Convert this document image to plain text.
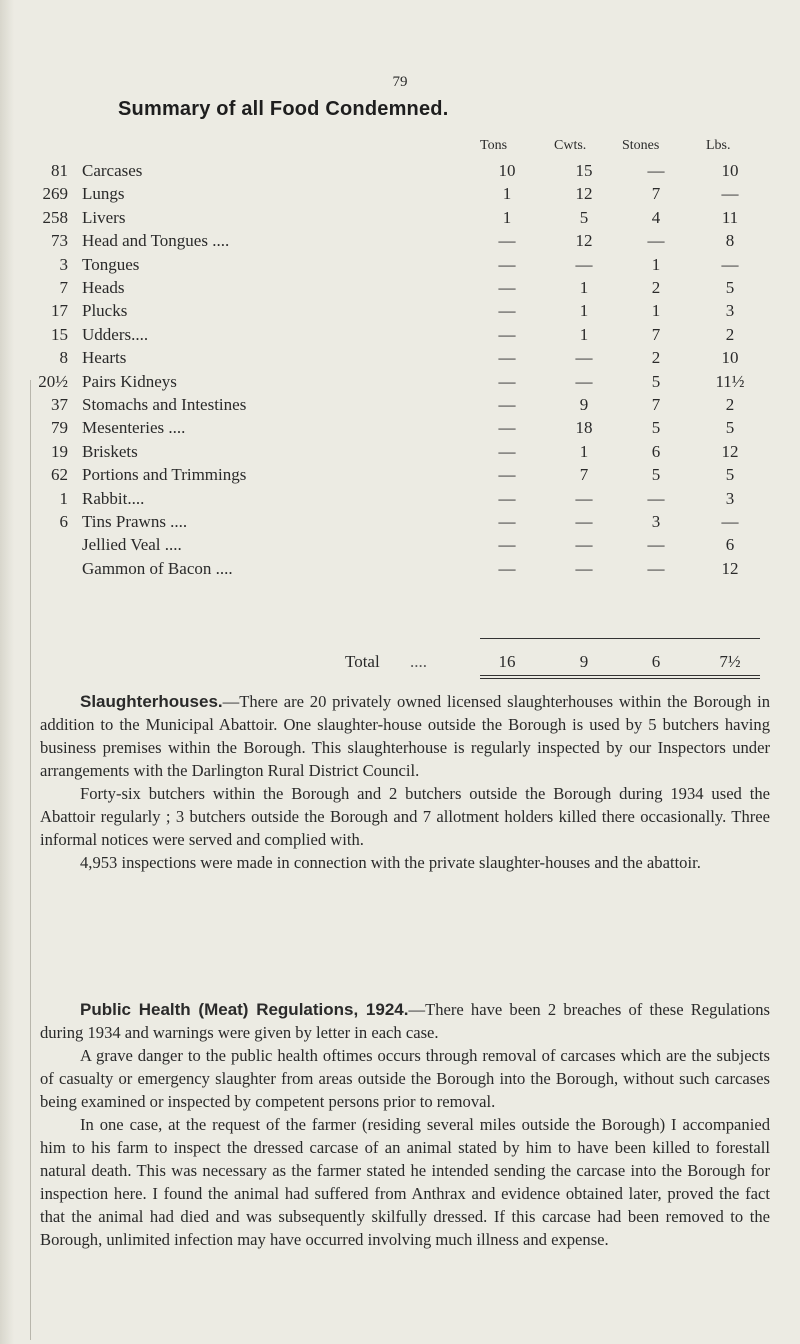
79
Summary of all Food Condemned.
Tons	Cwts.	Stones	Lbs.
81 Carcases	10	15	—	10
269 Lungs	1	12	7	—
258 Livers	1	5	4	11
73 Head and Tongues ....	—	12	—	8
3 Tongues	—	—	1	—
7 Heads	—	1	2	5
17 Plucks	—	1	1	3
15 Udders....	—	1	7	2
8 Hearts	—	—	2	10
20½ Pairs Kidneys	—	—	5	11½
37 Stomachs and Intestines	—	9	7	2
79 Mesenteries ....	—	18	5	5
19 Briskets	—	1	6	12
62 Portions and Trimmings	—	7	5	5
1 Rabbit....	—	—	—	3
6 Tins Prawns ....	—	—	3	—
Jellied Veal ....	—	—	—	6
Gammon of Bacon ....	—	—	—	12
Total ....	16	9	6	7½

Slaughterhouses.—There are 20 privately owned licensed slaughterhouses within the Borough in addition to the Municipal Abattoir. One slaughter-house outside the Borough is used by 5 butchers having business premises within the Borough. This slaughterhouse is regularly inspected by our Inspectors under arrangements with the Darlington Rural District Council.

Forty-six butchers within the Borough and 2 butchers outside the Borough during 1934 used the Abattoir regularly ; 3 butchers outside the Borough and 7 allotment holders killed there occasionally. Three informal notices were served and complied with.

4,953 inspections were made in connection with the private slaughter-houses and the abattoir.

Public Health (Meat) Regulations, 1924.—There have been 2 breaches of these Regulations during 1934 and warnings were given by letter in each case.

A grave danger to the public health oftimes occurs through removal of carcases which are the subjects of casualty or emergency slaughter from areas outside the Borough into the Borough, without such carcases being examined or inspected by competent persons prior to removal.

In one case, at the request of the farmer (residing several miles outside the Borough) I accompanied him to his farm to inspect the dressed carcase of an animal stated by him to have been killed to forestall natural death. This was necessary as the farmer stated he intended sending the carcase into the Borough for inspection here. I found the animal had suffered from Anthrax and evidence obtained later, proved the fact that the animal had died and was subsequently skilfully dressed. If this carcase had been removed to the Borough, unlimited infection may have occurred involving much illness and expense.
